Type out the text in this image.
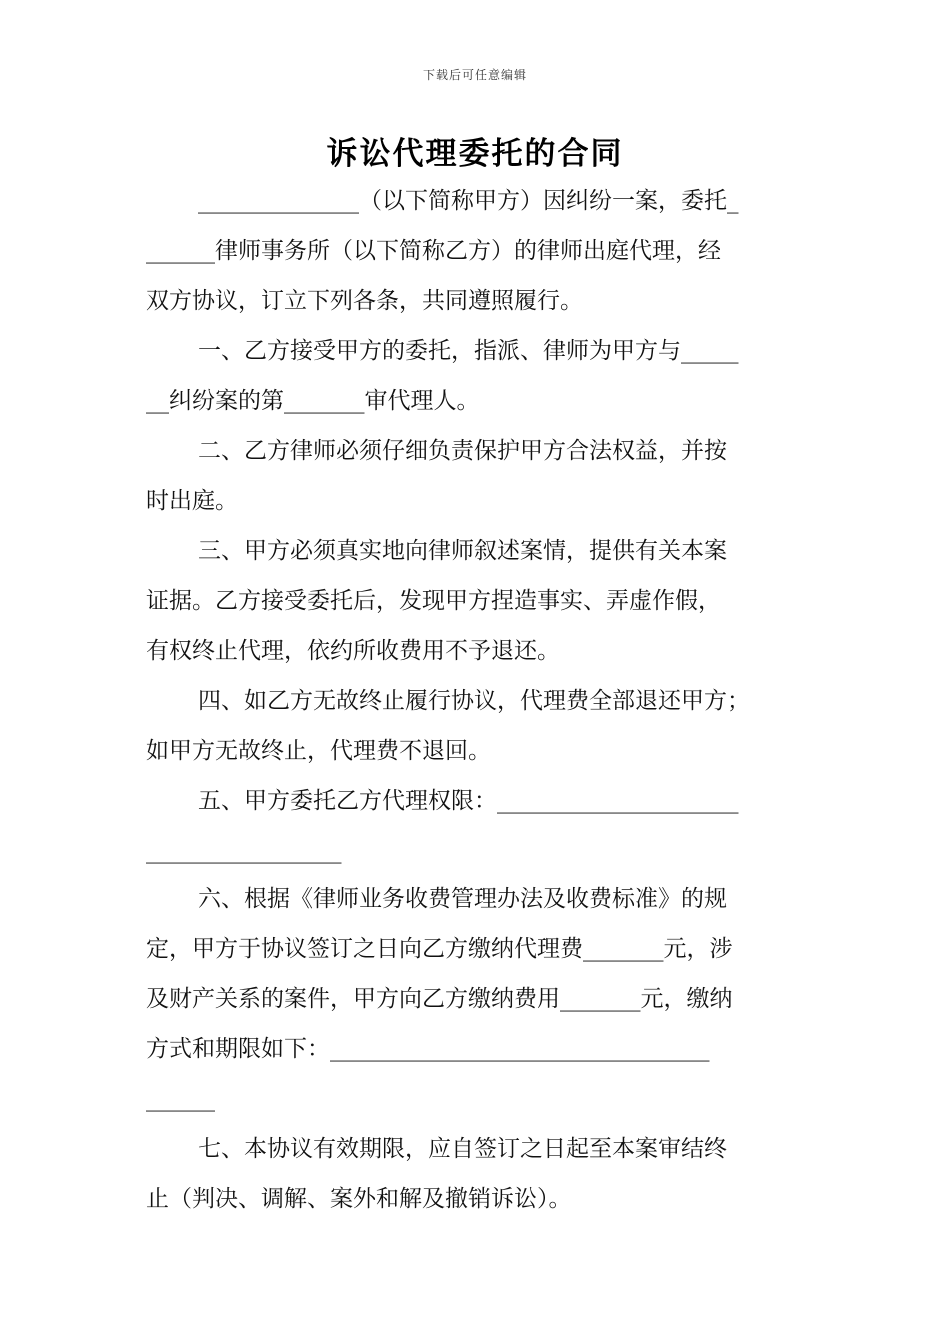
下载后可任意编辑
诉讼代理委托的合同
______________（以下简称甲方）因纠纷一案，委托_
______律师事务所（以下简称乙方）的律师出庭代理，经
双方协议，订立下列各条，共同遵照履行。
一、乙方接受甲方的委托，指派、律师为甲方与_____
__纠纷案的第_______审代理人。
二、乙方律师必须仔细负责保护甲方合法权益，并按
时出庭。
三、甲方必须真实地向律师叙述案情，提供有关本案
证据。乙方接受委托后，发现甲方捏造事实、弄虚作假，
有权终止代理，依约所收费用不予退还。
四、如乙方无故终止履行协议，代理费全部退还甲方；
如甲方无故终止，代理费不退回。
五、甲方委托乙方代理权限：_____________________
_________________
六、根据《律师业务收费管理办法及收费标准》的规
定，甲方于协议签订之日向乙方缴纳代理费_______元，涉
及财产关系的案件，甲方向乙方缴纳费用_______元，缴纳
方式和期限如下：_________________________________
______
七、本协议有效期限，应自签订之日起至本案审结终
止（判决、调解、案外和解及撤销诉讼）。
